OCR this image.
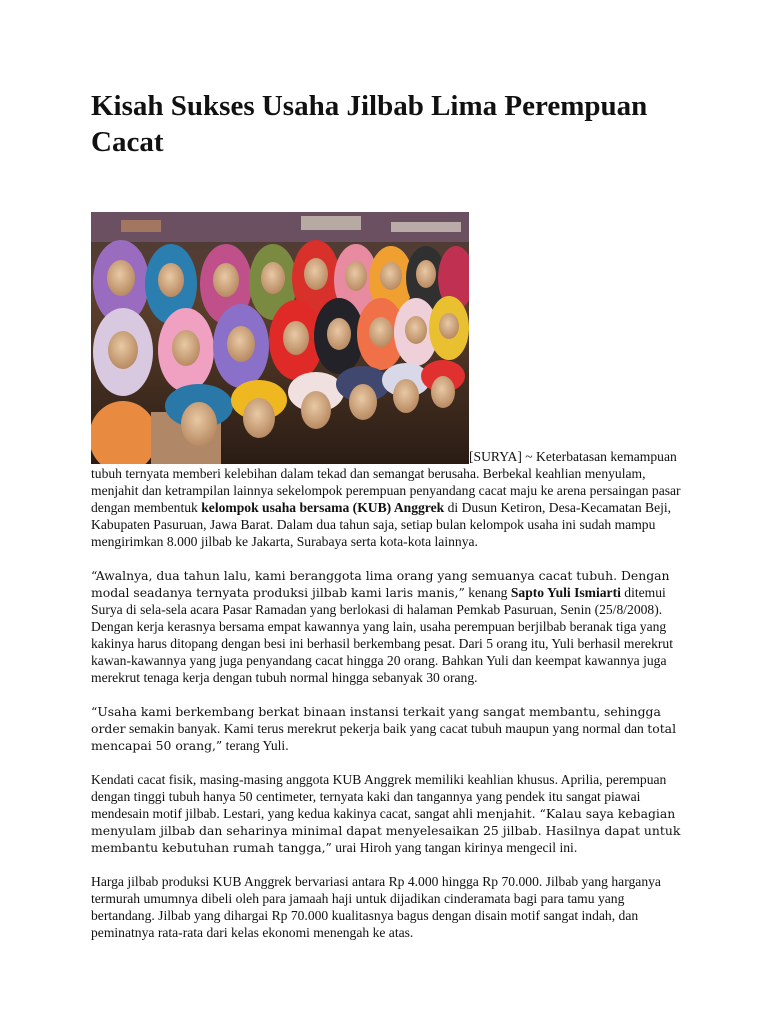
Kisah Sukses Usaha Jilbab Lima Perempuan Cacat

[SURYA] ~ Keterbatasan kemampuan tubuh ternyata memberi kelebihan dalam tekad dan semangat berusaha. Berbekal keahlian menyulam, menjahit dan ketrampilan lainnya sekelompok perempuan penyandang cacat maju ke arena persaingan pasar dengan membentuk kelompok usaha bersama (KUB) Anggrek di Dusun Ketiron, Desa-Kecamatan Beji, Kabupaten Pasuruan, Jawa Barat. Dalam dua tahun saja, setiap bulan kelompok usaha ini sudah mampu mengirimkan 8.000 jilbab ke Jakarta, Surabaya serta kota-kota lainnya.

“Awalnya, dua tahun lalu, kami beranggota lima orang yang semuanya cacat tubuh. Dengan modal seadanya ternyata produksi jilbab kami laris manis,” kenang Sapto Yuli Ismiarti ditemui Surya di sela-sela acara Pasar Ramadan yang berlokasi di halaman Pemkab Pasuruan, Senin (25/8/2008). Dengan kerja kerasnya bersama empat kawannya yang lain, usaha perempuan berjilbab beranak tiga yang kakinya harus ditopang dengan besi ini berhasil berkembang pesat. Dari 5 orang itu, Yuli berhasil merekrut kawan-kawannya yang juga penyandang cacat hingga 20 orang. Bahkan Yuli dan keempat kawannya juga merekrut tenaga kerja dengan tubuh normal hingga sebanyak 30 orang.

“Usaha kami berkembang berkat binaan instansi terkait yang sangat membantu, sehingga order semakin banyak. Kami terus merekrut pekerja baik yang cacat tubuh maupun yang normal dan total mencapai 50 orang,” terang Yuli.

Kendati cacat fisik, masing-masing anggota KUB Anggrek memiliki keahlian khusus. Aprilia, perempuan dengan tinggi tubuh hanya 50 centimeter, ternyata kaki dan tangannya yang pendek itu sangat piawai mendesain motif jilbab. Lestari, yang kedua kakinya cacat, sangat ahli menjahit. “Kalau saya kebagian menyulam jilbab dan seharinya minimal dapat menyelesaikan 25 jilbab. Hasilnya dapat untuk membantu kebutuhan rumah tangga,” urai Hiroh yang tangan kirinya mengecil ini.

Harga jilbab produksi KUB Anggrek bervariasi antara Rp 4.000 hingga Rp 70.000. Jilbab yang harganya termurah umumnya dibeli oleh para jamaah haji untuk dijadikan cinderamata bagi para tamu yang bertandang. Jilbab yang dihargai Rp 70.000 kualitasnya bagus dengan disain motif sangat indah, dan peminatnya rata-rata dari kelas ekonomi menengah ke atas.
